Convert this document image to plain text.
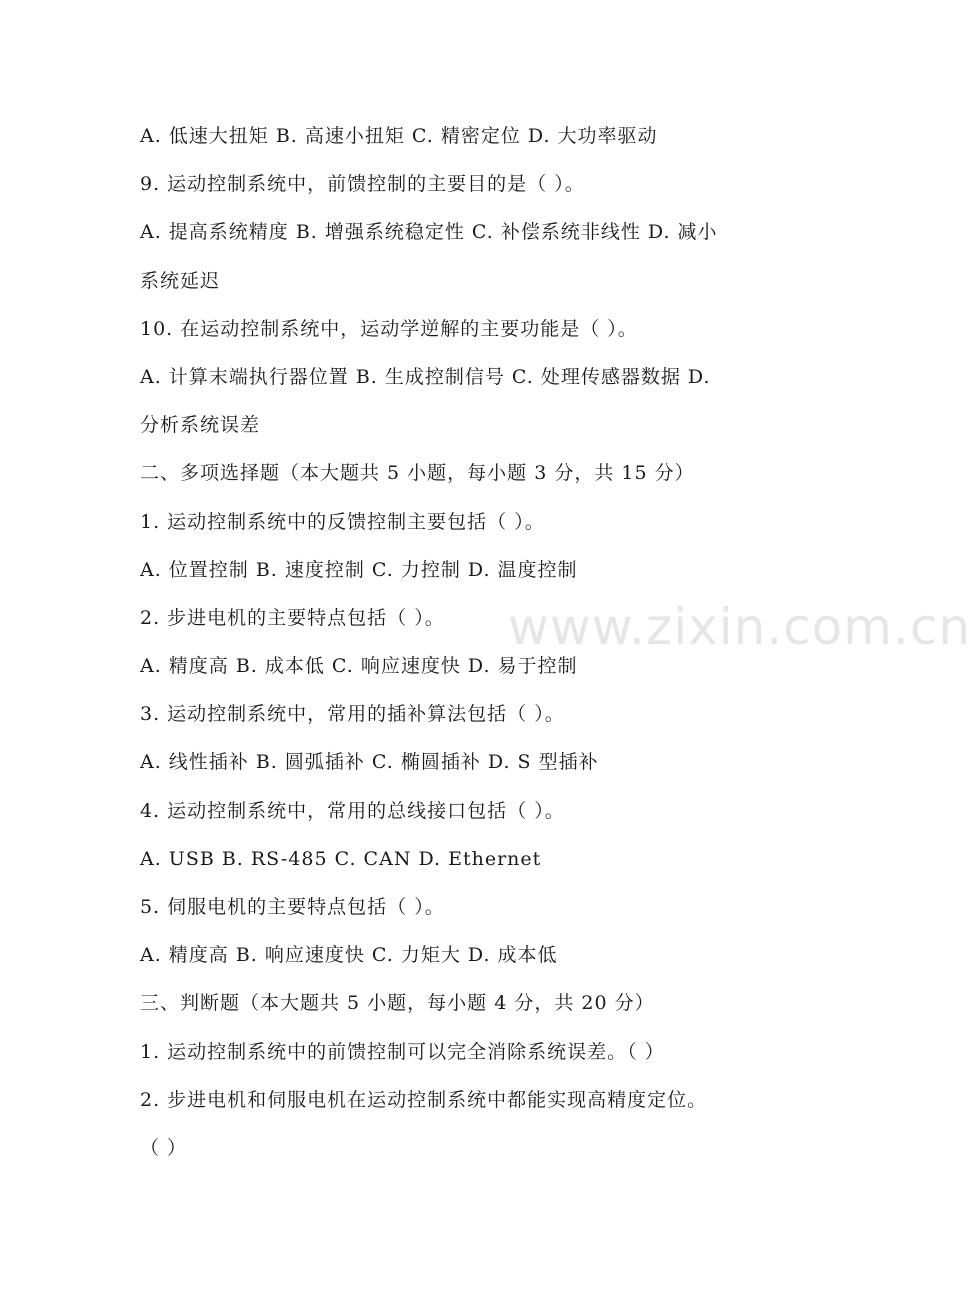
A. 低速大扭矩 B. 高速小扭矩 C. 精密定位 D. 大功率驱动
9. 运动控制系统中，前馈控制的主要目的是（ ）。
A. 提高系统精度 B. 增强系统稳定性 C. 补偿系统非线性 D. 减小
系统延迟
10. 在运动控制系统中，运动学逆解的主要功能是（ ）。
A. 计算末端执行器位置 B. 生成控制信号 C. 处理传感器数据 D.
分析系统误差
二、多项选择题（本大题共 5 小题，每小题 3 分，共 15 分）
1. 运动控制系统中的反馈控制主要包括（ ）。
A. 位置控制 B. 速度控制 C. 力控制 D. 温度控制
2. 步进电机的主要特点包括（ ）。
A. 精度高 B. 成本低 C. 响应速度快 D. 易于控制
3. 运动控制系统中，常用的插补算法包括（ ）。
A. 线性插补 B. 圆弧插补 C. 椭圆插补 D. S 型插补
4. 运动控制系统中，常用的总线接口包括（ ）。
A. USB B. RS-485 C. CAN D. Ethernet
5. 伺服电机的主要特点包括（ ）。
A. 精度高 B. 响应速度快 C. 力矩大 D. 成本低
三、判断题（本大题共 5 小题，每小题 4 分，共 20 分）
1. 运动控制系统中的前馈控制可以完全消除系统误差。（ ）
2. 步进电机和伺服电机在运动控制系统中都能实现高精度定位。
（ ）
www.zixin.com.cn
